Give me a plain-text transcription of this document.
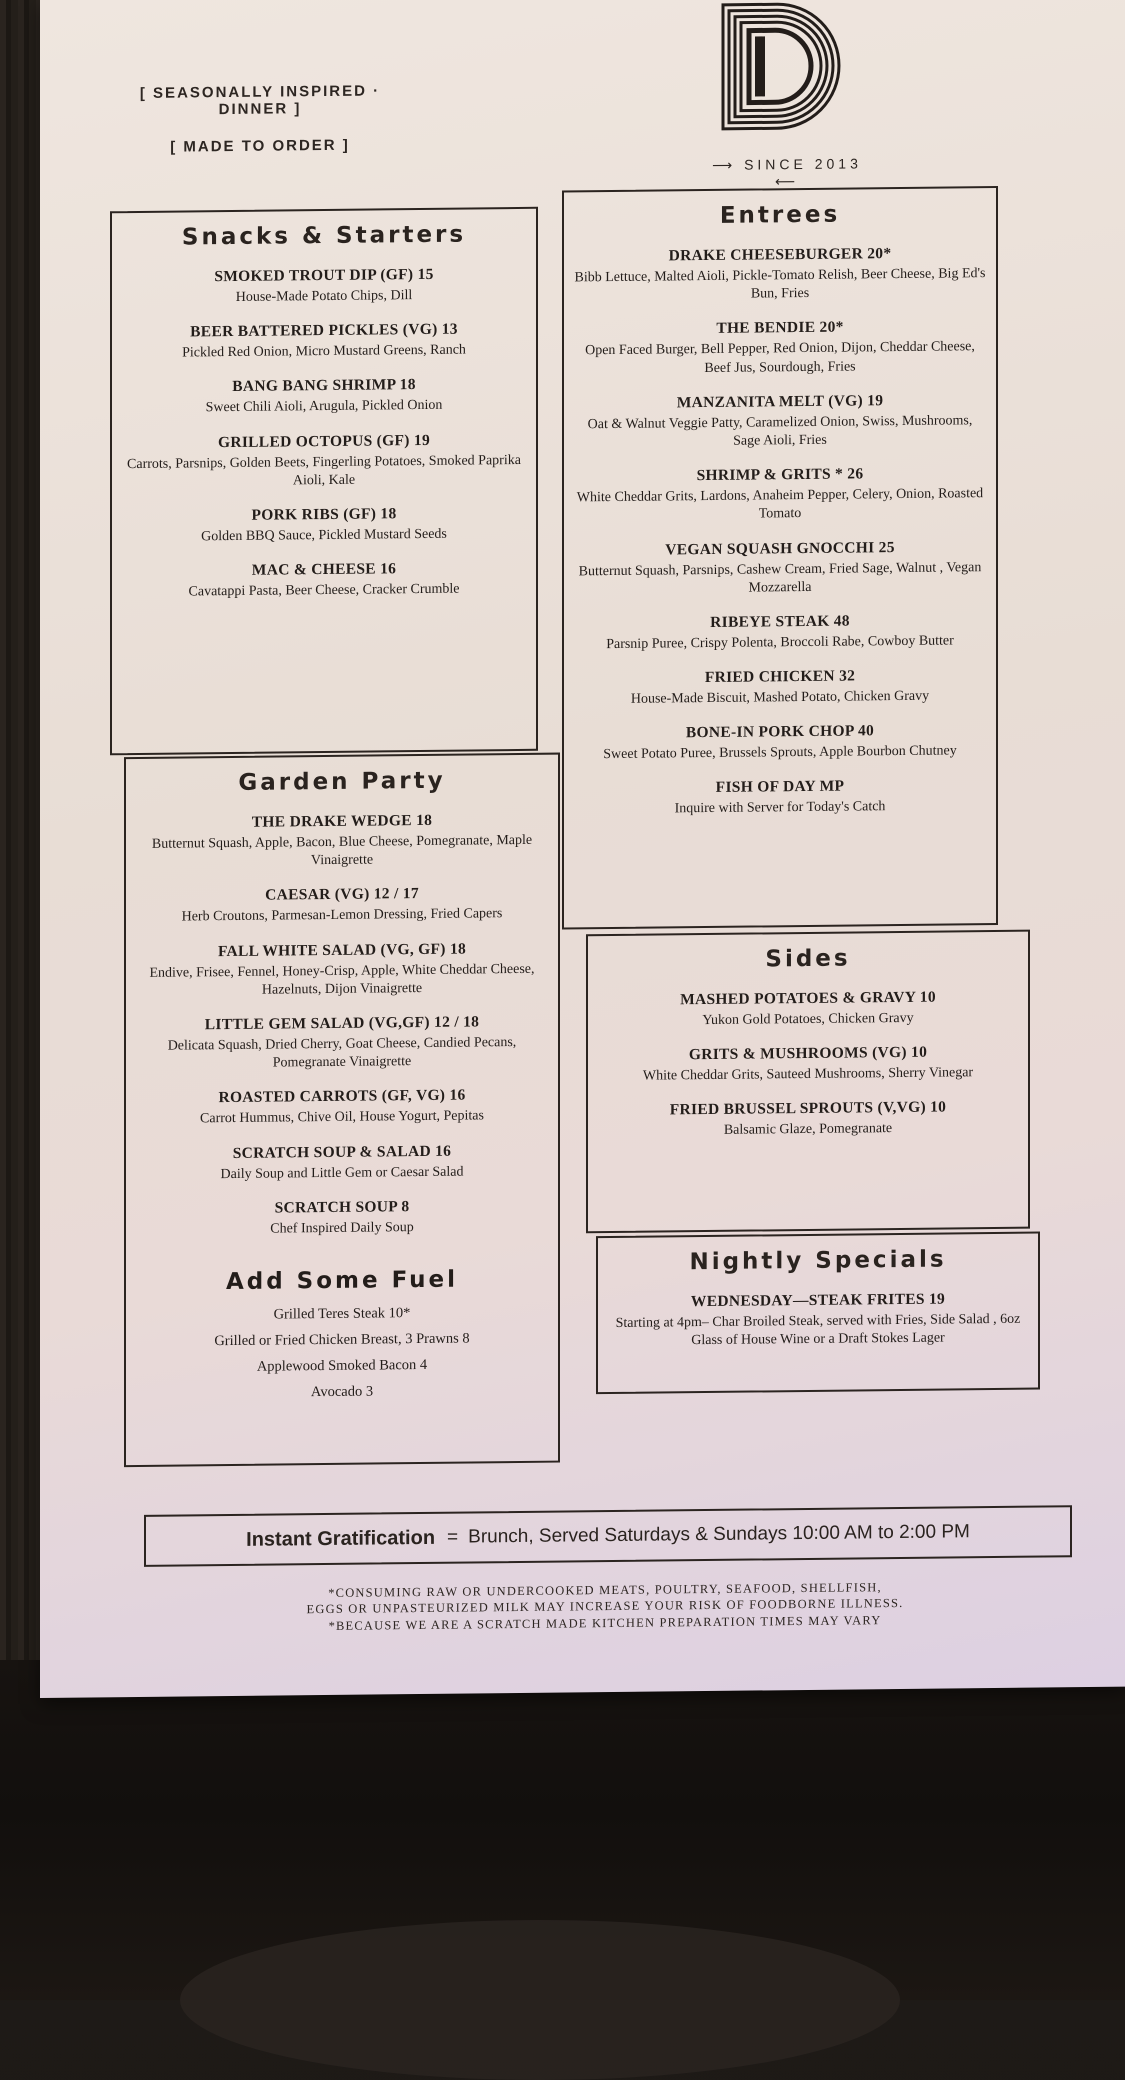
[ SEASONALLY INSPIRED · DINNER ]
[ MADE TO ORDER ]
⟶ SINCE 2013 ⟵
Snacks & Starters
SMOKED TROUT DIP (GF) 15
House-Made Potato Chips, Dill
BEER BATTERED PICKLES (VG) 13
Pickled Red Onion, Micro Mustard Greens, Ranch
BANG BANG SHRIMP 18
Sweet Chili Aioli, Arugula, Pickled Onion
GRILLED OCTOPUS (GF) 19
Carrots, Parsnips, Golden Beets, Fingerling Potatoes, Smoked Paprika Aioli, Kale
PORK RIBS (GF) 18
Golden BBQ Sauce, Pickled Mustard Seeds
MAC & CHEESE 16
Cavatappi Pasta, Beer Cheese, Cracker Crumble
Entrees
DRAKE CHEESEBURGER 20*
Bibb Lettuce, Malted Aioli, Pickle-Tomato Relish, Beer Cheese, Big Ed's Bun, Fries
THE BENDIE 20*
Open Faced Burger, Bell Pepper, Red Onion, Dijon, Cheddar Cheese, Beef Jus, Sourdough, Fries
MANZANITA MELT (VG) 19
Oat & Walnut Veggie Patty, Caramelized Onion, Swiss, Mushrooms, Sage Aioli, Fries
SHRIMP & GRITS * 26
White Cheddar Grits, Lardons, Anaheim Pepper, Celery, Onion, Roasted Tomato
VEGAN SQUASH GNOCCHI 25
Butternut Squash, Parsnips, Cashew Cream, Fried Sage, Walnut , Vegan Mozzarella
RIBEYE STEAK 48
Parsnip Puree, Crispy Polenta, Broccoli Rabe, Cowboy Butter
FRIED CHICKEN 32
House-Made Biscuit, Mashed Potato, Chicken Gravy
BONE-IN PORK CHOP 40
Sweet Potato Puree, Brussels Sprouts, Apple Bourbon Chutney
FISH OF DAY MP
Inquire with Server for Today's Catch
Garden Party
THE DRAKE WEDGE 18
Butternut Squash, Apple, Bacon, Blue Cheese, Pomegranate, Maple Vinaigrette
CAESAR (VG) 12 / 17
Herb Croutons, Parmesan-Lemon Dressing, Fried Capers
FALL WHITE SALAD (VG, GF) 18
Endive, Frisee, Fennel, Honey-Crisp, Apple, White Cheddar Cheese, Hazelnuts, Dijon Vinaigrette
LITTLE GEM SALAD (VG,GF) 12 / 18
Delicata Squash, Dried Cherry, Goat Cheese, Candied Pecans, Pomegranate Vinaigrette
ROASTED CARROTS (GF, VG) 16
Carrot Hummus, Chive Oil, House Yogurt, Pepitas
SCRATCH SOUP & SALAD 16
Daily Soup and Little Gem or Caesar Salad
SCRATCH SOUP 8
Chef Inspired Daily Soup
Add Some Fuel
Grilled Teres Steak 10*
Grilled or Fried Chicken Breast, 3 Prawns 8
Applewood Smoked Bacon 4
Avocado 3
Sides
MASHED POTATOES & GRAVY 10
Yukon Gold Potatoes, Chicken Gravy
GRITS & MUSHROOMS (VG) 10
White Cheddar Grits, Sauteed Mushrooms, Sherry Vinegar
FRIED BRUSSEL SPROUTS (V,VG) 10
Balsamic Glaze, Pomegranate
Nightly Specials
WEDNESDAY—STEAK FRITES 19
Starting at 4pm– Char Broiled Steak, served with Fries, Side Salad , 6oz Glass of House Wine or a Draft Stokes Lager
Instant Gratification = Brunch, Served Saturdays & Sundays 10:00 AM to 2:00 PM
*CONSUMING RAW OR UNDERCOOKED MEATS, POULTRY, SEAFOOD, SHELLFISH,
EGGS OR UNPASTEURIZED MILK MAY INCREASE YOUR RISK OF FOODBORNE ILLNESS.
*BECAUSE WE ARE A SCRATCH MADE KITCHEN PREPARATION TIMES MAY VARY
